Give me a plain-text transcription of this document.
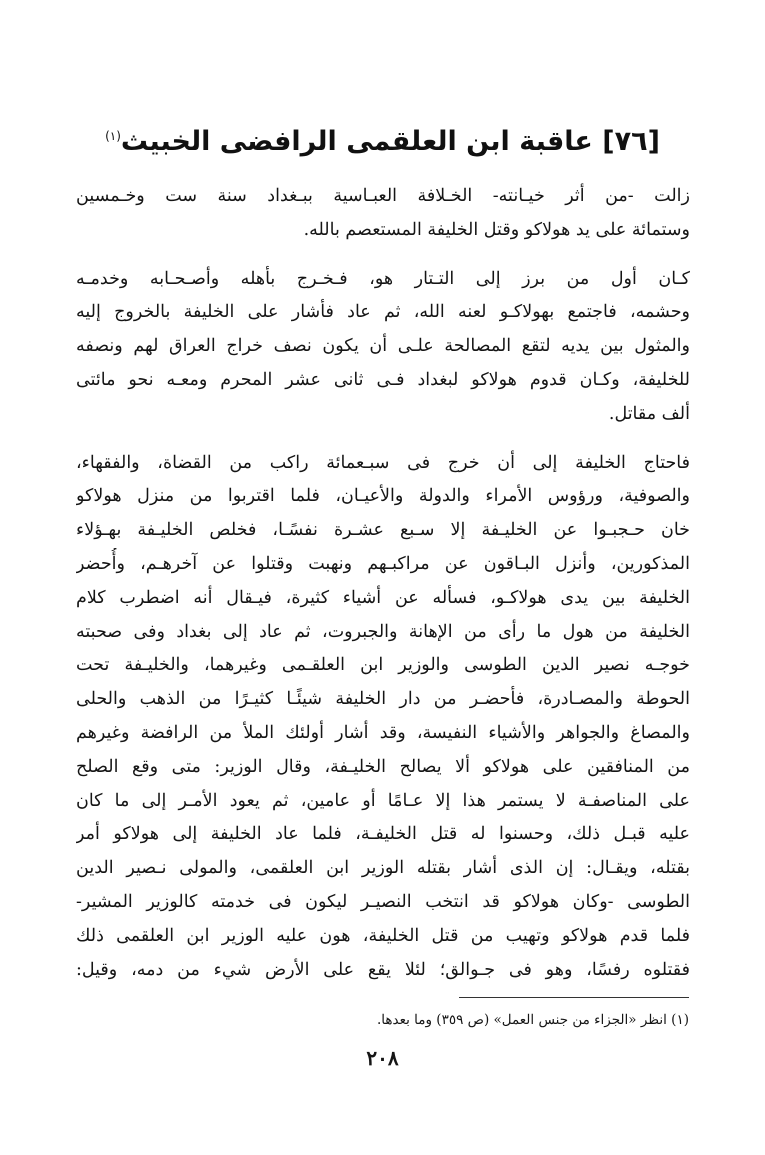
[٧٦] عاقبة ابن العلقمى الرافضى الخبيث$^{(١)}$
زالت -من أثر خيـانته- الخـلافة العبـاسية ببـغداد سنة ست وخـمسين
وستمائة على يد هولاكو وقتل الخليفة المستعصم بالله.
كـان أول من برز إلى التـتار هو، فـخـرج بأهله وأصـحـابه وخدمـه
وحشمه، فاجتمع بهولاكـو لعنه الله، ثم عاد فأشار على الخليفة بالخروج إليه
والمثول بين يديه لتقع المصالحة علـى أن يكون نصف خراج العراق لهم ونصفه
للخليفة، وكـان قدوم هولاكو لبغداد فـى ثانى عشر المحرم ومعـه نحو مائتى
ألف مقاتل.
فاحتاج الخليفة إلى أن خرج فى سبـعمائة راكب من القضاة، والفقهاء،
والصوفية، ورؤوس الأمراء والدولة والأعيـان، فلما اقتربوا من منزل هولاكو
خان حـجبـوا عن الخليـفة إلا سـبع عشـرة نفسًـا، فخلص الخليـفة بهـؤلاء
المذكورين، وأنزل البـاقون عن مراكبـهم ونهبت وقتلوا عن آخرهـم، وأُحضر
الخليفة بين يدى هولاكـو، فسأله عن أشياء كثيرة، فيـقال أنه اضطرب كلام
الخليفة من هول ما رأى من الإهانة والجبروت، ثم عاد إلى بغداد وفى صحبته
خوجـه نصير الدين الطوسى والوزير ابن العلقـمى وغيرهما، والخليـفة تحت
الحوطة والمصـادرة، فأحضـر من دار الخليفة شيئًـا كثيـرًا من الذهب والحلى
والمصاغ والجواهر والأشياء النفيسة، وقد أشار أولئك الملأ من الرافضة وغيرهم
من المنافقين على هولاكو ألا يصالح الخليـفة، وقال الوزير: متى وقع الصلح
على المناصفـة لا يستمر هذا إلا عـامًا أو عامين، ثم يعود الأمـر إلى ما كان
عليه قبـل ذلك، وحسنوا له قتل الخليفـة، فلما عاد الخليفة إلى هولاكو أمر
بقتله، ويقـال: إن الذى أشار بقتله الوزير ابن العلقمى، والمولى نـصير الدين
الطوسى -وكان هولاكو قد انتخب النصيـر ليكون فى خدمته كالوزير المشير-
فلما قدم هولاكو وتهيب من قتل الخليفة، هون عليه الوزير ابن العلقمى ذلك
فقتلوه رفسًا، وهو فى جـوالق؛ لئلا يقع على الأرض شيء من دمه، وقيل:
(١) انظر «الجزاء من جنس العمل» (ص ٣٥٩) وما بعدها.
٢٠٨
